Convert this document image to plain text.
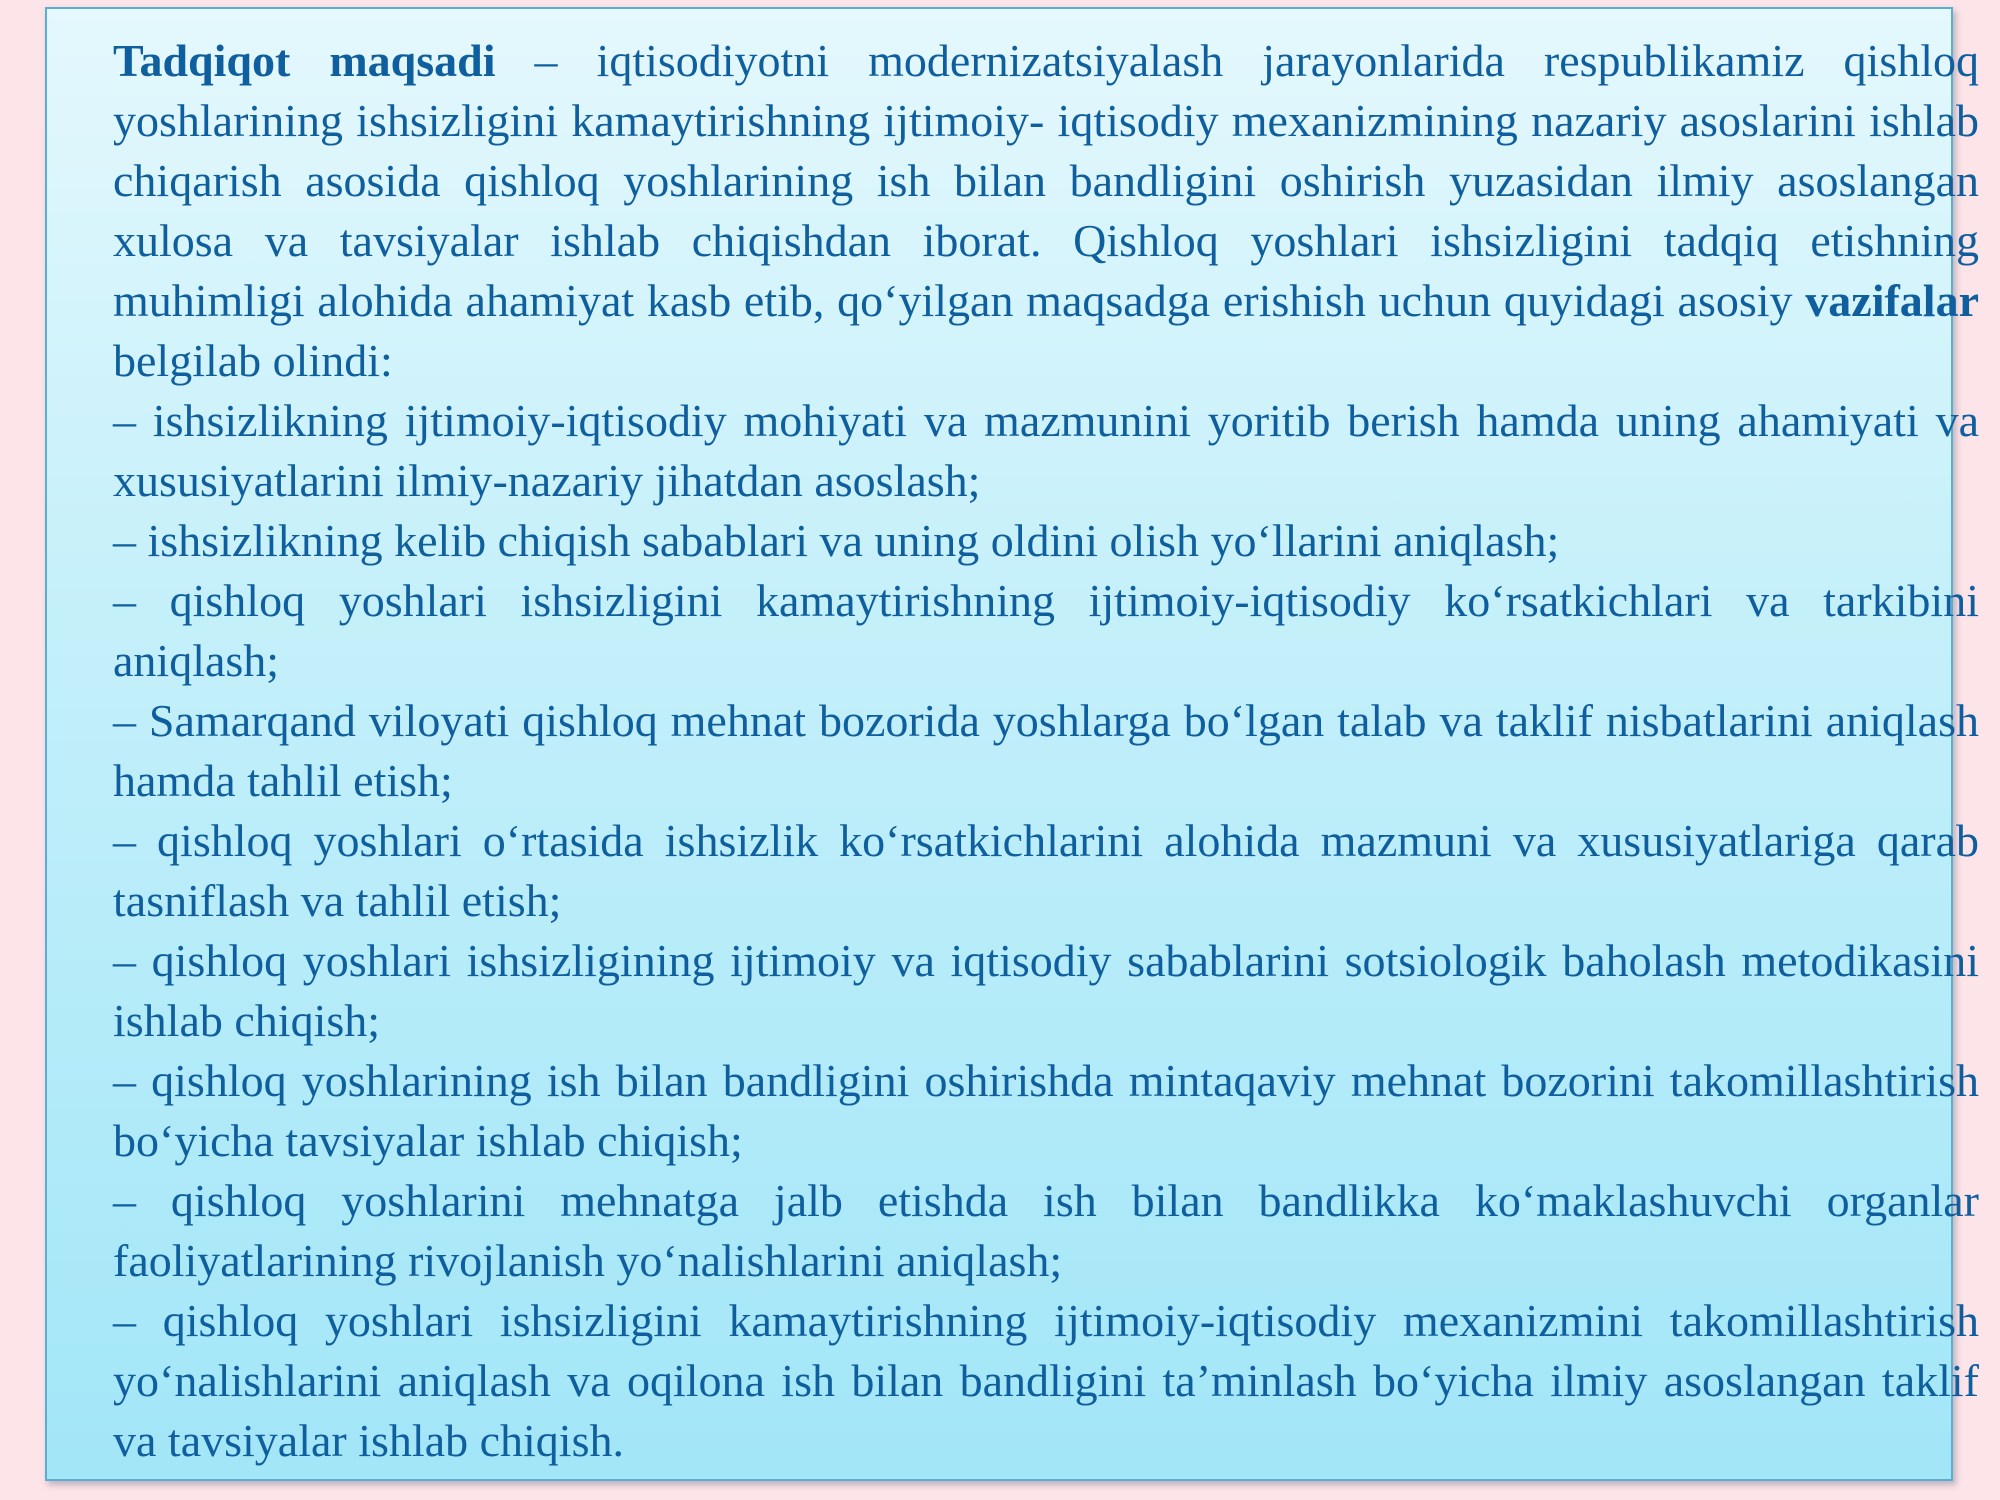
Tadqiqot maqsadi – iqtisodiyotni modernizatsiyalash jarayonlarida respublikamiz qishloq yoshlarining ishsizligini kamaytirishning ijtimoiy- iqtisodiy mexanizmining nazariy asoslarini ishlab chiqarish asosida qishloq yoshlarining ish bilan bandligini oshirish yuzasidan ilmiy asoslangan xulosa va tavsiyalar ishlab chiqishdan iborat. Qishloq yoshlari ishsizligini tadqiq etishning muhimligi alohida ahamiyat kasb etib, qo‘yilgan maqsadga erishish uchun quyidagi asosiy vazifalar belgilab olindi:

– ishsizlikning ijtimoiy-iqtisodiy mohiyati va mazmunini yoritib berish hamda uning ahamiyati va xususiyatlarini ilmiy-nazariy jihatdan asoslash;

– ishsizlikning kelib chiqish sabablari va uning oldini olish yo‘llarini aniqlash;

– qishloq yoshlari ishsizligini kamaytirishning ijtimoiy-iqtisodiy ko‘rsatkichlari va tarkibini aniqlash;

– Samarqand viloyati qishloq mehnat bozorida yoshlarga bo‘lgan talab va taklif nisbatlarini aniqlash hamda tahlil etish;

– qishloq yoshlari o‘rtasida ishsizlik ko‘rsatkichlarini alohida mazmuni va xususiyatlariga qarab tasniflash va tahlil etish;

– qishloq yoshlari ishsizligining ijtimoiy va iqtisodiy sabablarini sotsiologik baholash metodikasini ishlab chiqish;

– qishloq yoshlarining ish bilan bandligini oshirishda mintaqaviy mehnat bozorini takomillashtirish bo‘yicha tavsiyalar ishlab chiqish;

– qishloq yoshlarini mehnatga jalb etishda ish bilan bandlikka ko‘maklashuvchi organlar faoliyatlarining rivojlanish yo‘nalishlarini aniqlash;

– qishloq yoshlari ishsizligini kamaytirishning ijtimoiy-iqtisodiy mexanizmini takomillashtirish yo‘nalishlarini aniqlash va oqilona ish bilan bandligini ta’minlash bo‘yicha ilmiy asoslangan taklif va tavsiyalar ishlab chiqish.
